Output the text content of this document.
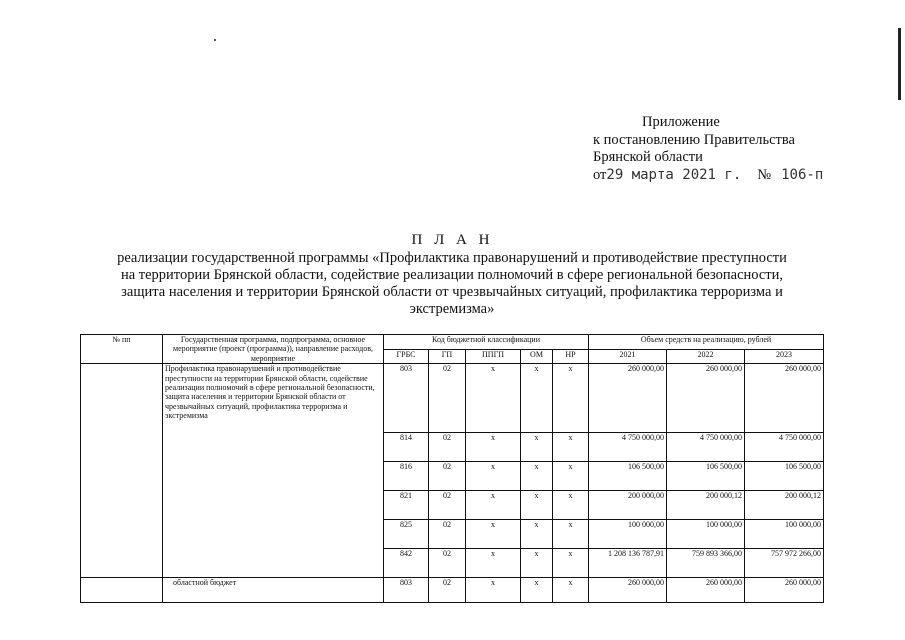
Приложение
к постановлению Правительства
Брянской области
от29 марта 2021 г. № 106-п
П Л А Н
реализации государственной программы «Профилактика правонарушений и противодействие преступности на территории Брянской области, содействие реализации полномочий в сфере региональной безопасности, защита населения и территории Брянской области от чрезвычайных ситуаций, профилактика терроризма и экстремизма»
№ пп	Государственная программа, подпрограмма, основное мероприятие (проект (программа)), направление расходов, мероприятие	Код бюджетной классификации					Объем средств на реализацию, рублей		
		ГРБС	ГП	ППГП	ОМ	НР	2021	2022	2023
	Профилактика правонарушений и противодействие преступности на территории Брянской области, содействие реализации полномочий в сфере региональной безопасности, защита населения и территории Брянской области от чрезвычайных ситуаций, профилактика терроризма и экстремизма	803	02	х	х	х	260 000,00	260 000,00	260 000,00
		814	02	х	х	х	4 750 000,00	4 750 000,00	4 750 000,00
		816	02	х	х	х	106 500,00	106 500,00	106 500,00
		821	02	х	х	х	200 000,00	200 000,12	200 000,12
		825	02	х	х	х	100 000,00	100 000,00	100 000,00
		842	02	х	х	х	1 208 136 787,91	759 893 366,00	757 972 266,00
	областной бюджет	803	02	х	х	х	260 000,00	260 000,00	260 000,00
